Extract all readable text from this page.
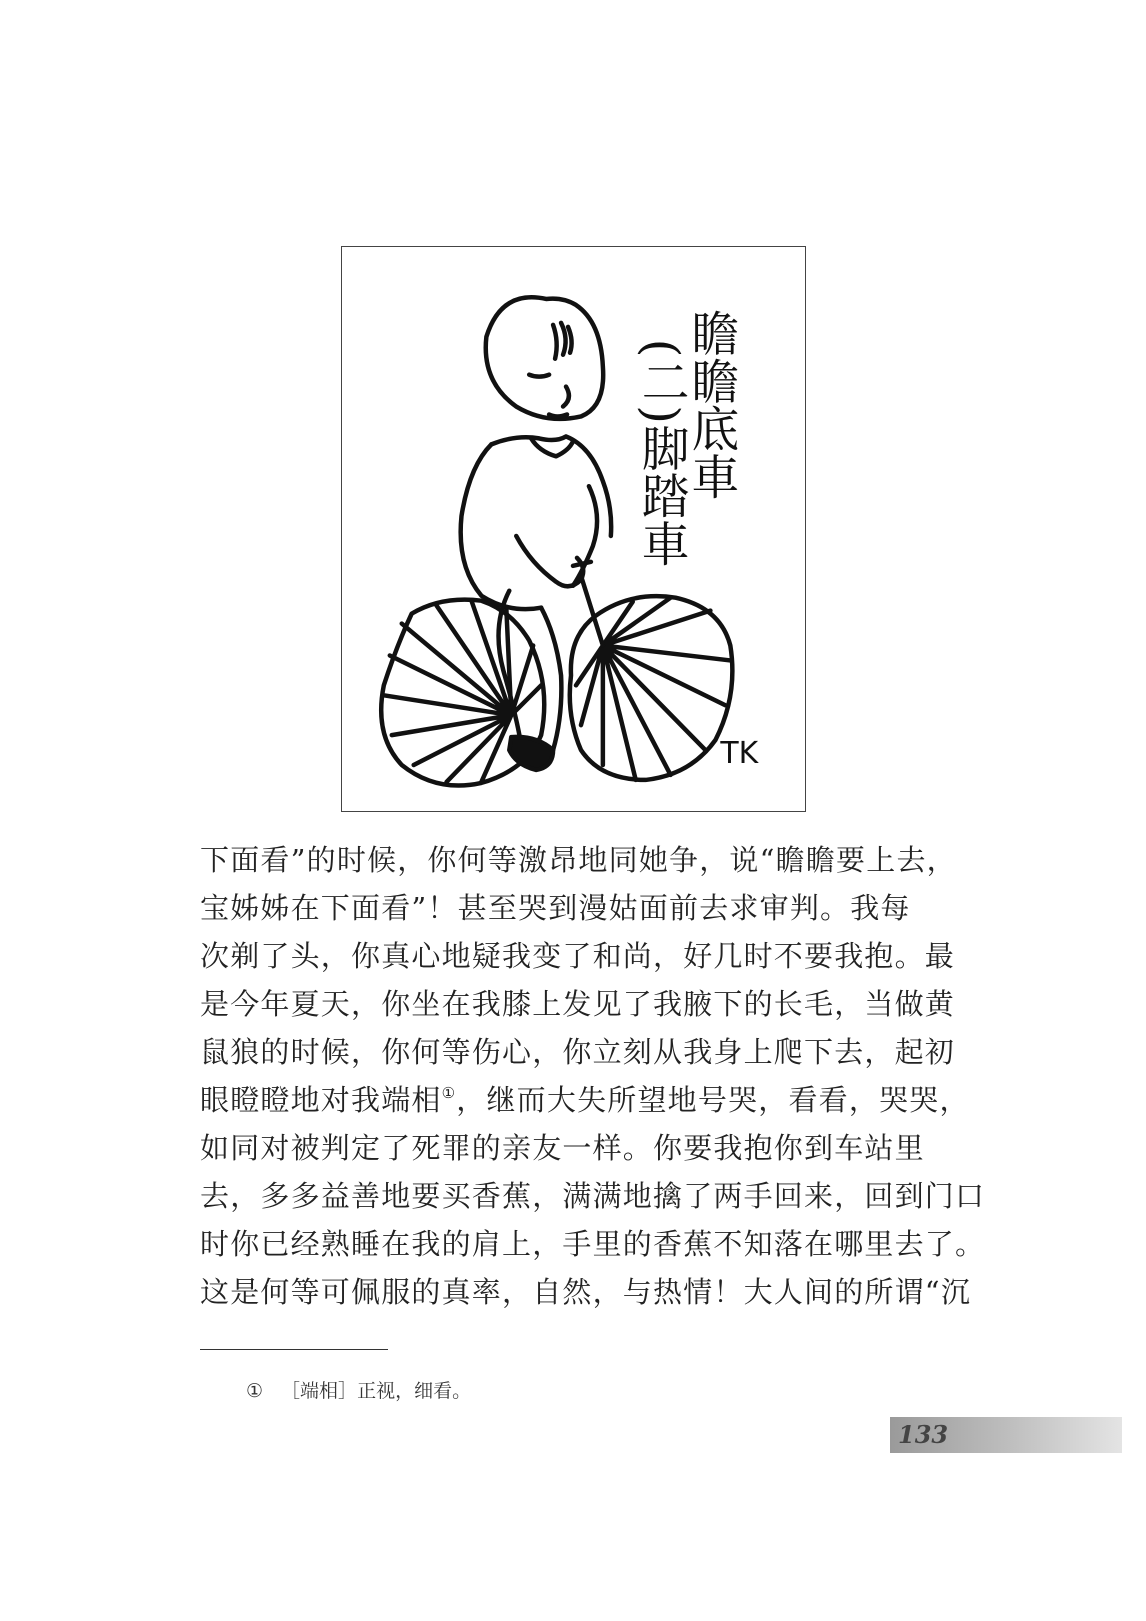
瞻瞻底車
(二)脚踏車
TK
下面看”的时候，你何等激昂地同她争，说“瞻瞻要上去，
宝姊姊在下面看”！甚至哭到漫姑面前去求审判。我每
次剃了头，你真心地疑我变了和尚，好几时不要我抱。最
是今年夏天，你坐在我膝上发见了我腋下的长毛，当做黄
鼠狼的时候，你何等伤心，你立刻从我身上爬下去，起初
眼瞪瞪地对我端相①，继而大失所望地号哭，看看，哭哭，
如同对被判定了死罪的亲友一样。你要我抱你到车站里
去，多多益善地要买香蕉，满满地擒了两手回来，回到门口
时你已经熟睡在我的肩上，手里的香蕉不知落在哪里去了。
这是何等可佩服的真率，自然，与热情！大人间的所谓“沉
① ［端相］正视，细看。
133
